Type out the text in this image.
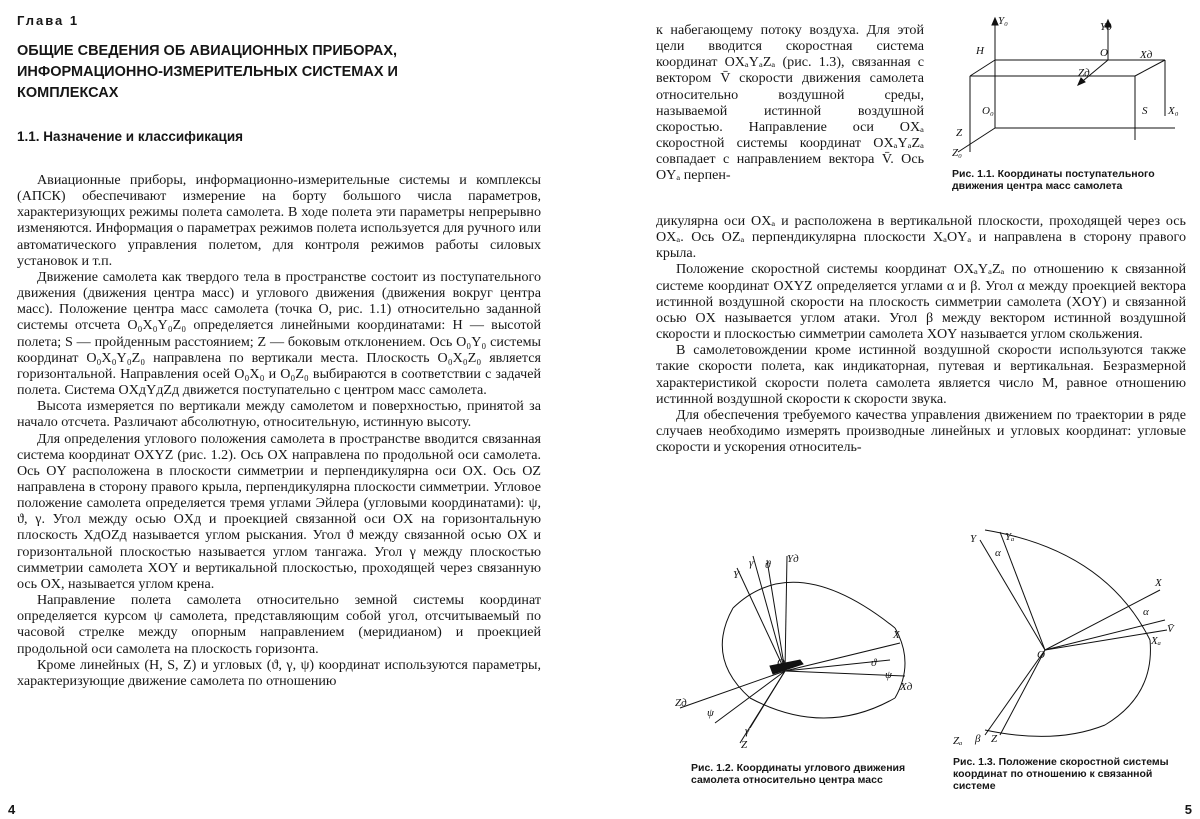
Глава 1
ОБЩИЕ СВЕДЕНИЯ ОБ АВИАЦИОННЫХ ПРИБОРАХ, ИНФОРМАЦИОННО-ИЗМЕРИТЕЛЬНЫХ СИСТЕМАХ И КОМПЛЕКСАХ
1.1. Назначение и классификация

Авиационные приборы, информационно-измерительные системы и комплексы (АПСК) обеспечивают измерение на борту большого числа параметров, характеризующих режимы полета самолета. В ходе полета эти параметры непрерывно изменяются. Информация о параметрах режимов полета используется для ручного или автоматического управления полетом, для контроля режимов работы силовых установок и т.п.

Движение самолета как твердого тела в пространстве состоит из поступательного движения (движения центра масс) и углового движения (движения вокруг центра масс). Положение центра масс самолета (точка O, рис. 1.1) относительно заданной системы отсчета O₀X₀Y₀Z₀ определяется линейными координатами: H — высотой полета; S — пройденным расстоянием; Z — боковым отклонением. Ось O₀Y₀ системы координат O₀X₀Y₀Z₀ направлена по вертикали места. Плоскость O₀X₀Z₀ является горизонтальной. Направления осей O₀X₀ и O₀Z₀ выбираются в соответствии с задачей полета. Система OXдYдZд движется поступательно с центром масс самолета.

Высота измеряется по вертикали между самолетом и поверхностью, принятой за начало отсчета. Различают абсолютную, относительную, истинную высоту.

Для определения углового положения самолета в пространстве вводится связанная система координат OXYZ (рис. 1.2). Ось OX направлена по продольной оси самолета. Ось OY расположена в плоскости симметрии и перпендикулярна оси OX. Ось OZ направлена в сторону правого крыла, перпендикулярна плоскости симметрии. Угловое положение самолета определяется тремя углами Эйлера (угловыми координатами): ψ, ϑ, γ. Угол между осью OXд и проекцией связанной оси OX на горизонтальную плоскость XдOZд называется углом рыскания. Угол ϑ между связанной осью OX и горизонтальной плоскостью называется углом тангажа. Угол γ между плоскостью симметрии самолета XOY и вертикальной плоскостью, проходящей через связанную ось OX, называется углом крена.

Направление полета самолета относительно земной системы координат определяется курсом ψ самолета, представляющим собой угол, отсчитываемый по часовой стрелке между опорным направлением (меридианом) и проекцией продольной оси самолета на плоскость горизонта.

Кроме линейных (H, S, Z) и угловых (ϑ, γ, ψ) координат используются параметры, характеризующие движение самолета по отношению

4

к набегающему потоку воздуха. Для этой цели вводится скоростная система координат OXₐYₐZₐ (рис. 1.3), связанная с вектором V̄ скорости движения самолета относительно воздушной среды, называемой истинной воздушной скоростью. Направление оси OXₐ скоростной системы координат OXₐYₐZₐ совпадает с направлением вектора V̄. Ось OYₐ перпен-

Y₀	Yд
H	O	Xд
Zд
O₀	S X₀
Z
Z₀
Рис. 1.1. Координаты поступательного движения центра масс самолета

дикулярна оси OXₐ и расположена в вертикальной плоскости, проходящей через ось OXₐ. Ось OZₐ перпендикулярна плоскости XₐOYₐ и направлена в сторону правого крыла.

Положение скоростной системы координат OXₐYₐZₐ по отношению к связанной системе координат OXYZ определяется углами α и β. Угол α между проекцией вектора истинной воздушной скорости на плоскость симметрии самолета (XOY) и связанной осью OX называется углом атаки. Угол β между вектором истинной воздушной скорости и плоскостью симметрии самолета XOY называется углом скольжения.

В самолетовождении кроме истинной воздушной скорости используются также такие скорости полета, как индикаторная, путевая и вертикальная. Безразмерной характеристикой скорости полета самолета является число M, равное отношению истинной воздушной скорости к скорости звука.

Для обеспечения требуемого качества управления движением по траектории в ряде случаев необходимо измерять производные линейных и угловых координат: угловые скорости и ускорения относитель-

Y
γ ϑ Yд
X
ϑ
ψ
Xд
O
Zд
ψ
γ
Z
Рис. 1.2. Координаты углового движения самолета относительно центра масс
Y	Yₐ
α
X
α
V̄
Xₐ
O
Zₐ β Z
Рис. 1.3. Положение скоростной системы координат по отношению к связанной системе
5
